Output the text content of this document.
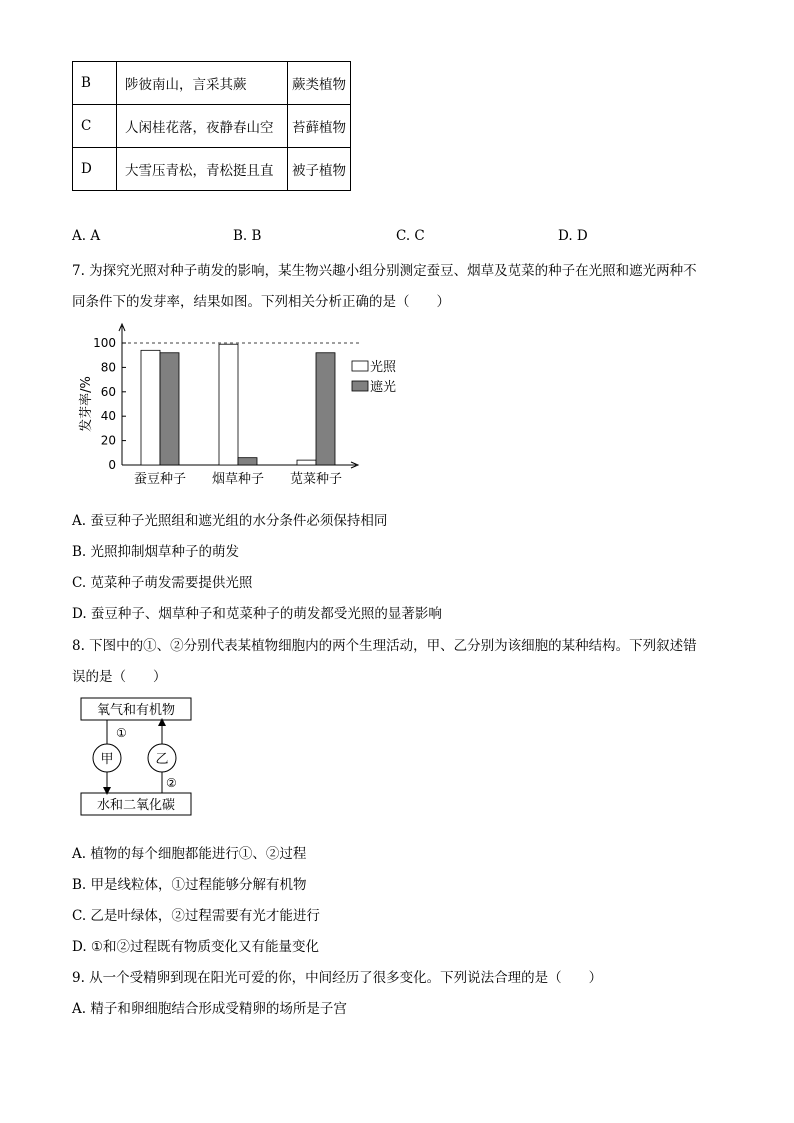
B	陟彼南山，言采其蕨	蕨类植物
C	人闲桂花落，夜静春山空	苔藓植物
D	大雪压青松，青松挺且直	被子植物
A. A	B. B	C. C	D. D
7. 为探究光照对种子萌发的影响，某生物兴趣小组分别测定蚕豆、烟草及苋菜的种子在光照和遮光两种不
同条件下的发芽率，结果如图。下列相关分析正确的是（　　）
0
20
40
60
80
100
发芽率/%
蚕豆种子 烟草种子 苋菜种子
光照
遮光
A. 蚕豆种子光照组和遮光组的水分条件必须保持相同
B. 光照抑制烟草种子的萌发
C. 苋菜种子萌发需要提供光照
D. 蚕豆种子、烟草种子和苋菜种子的萌发都受光照的显著影响
8. 下图中的①、②分别代表某植物细胞内的两个生理活动，甲、乙分别为该细胞的某种结构。下列叙述错
误的是（　　）
氧气和有机物
水和二氧化碳
甲
①
乙
②
A. 植物的每个细胞都能进行①、②过程
B. 甲是线粒体，①过程能够分解有机物
C. 乙是叶绿体，②过程需要有光才能进行
D. ①和②过程既有物质变化又有能量变化
9. 从一个受精卵到现在阳光可爱的你，中间经历了很多变化。下列说法合理的是（　　）
A. 精子和卵细胞结合形成受精卵的场所是子宫
